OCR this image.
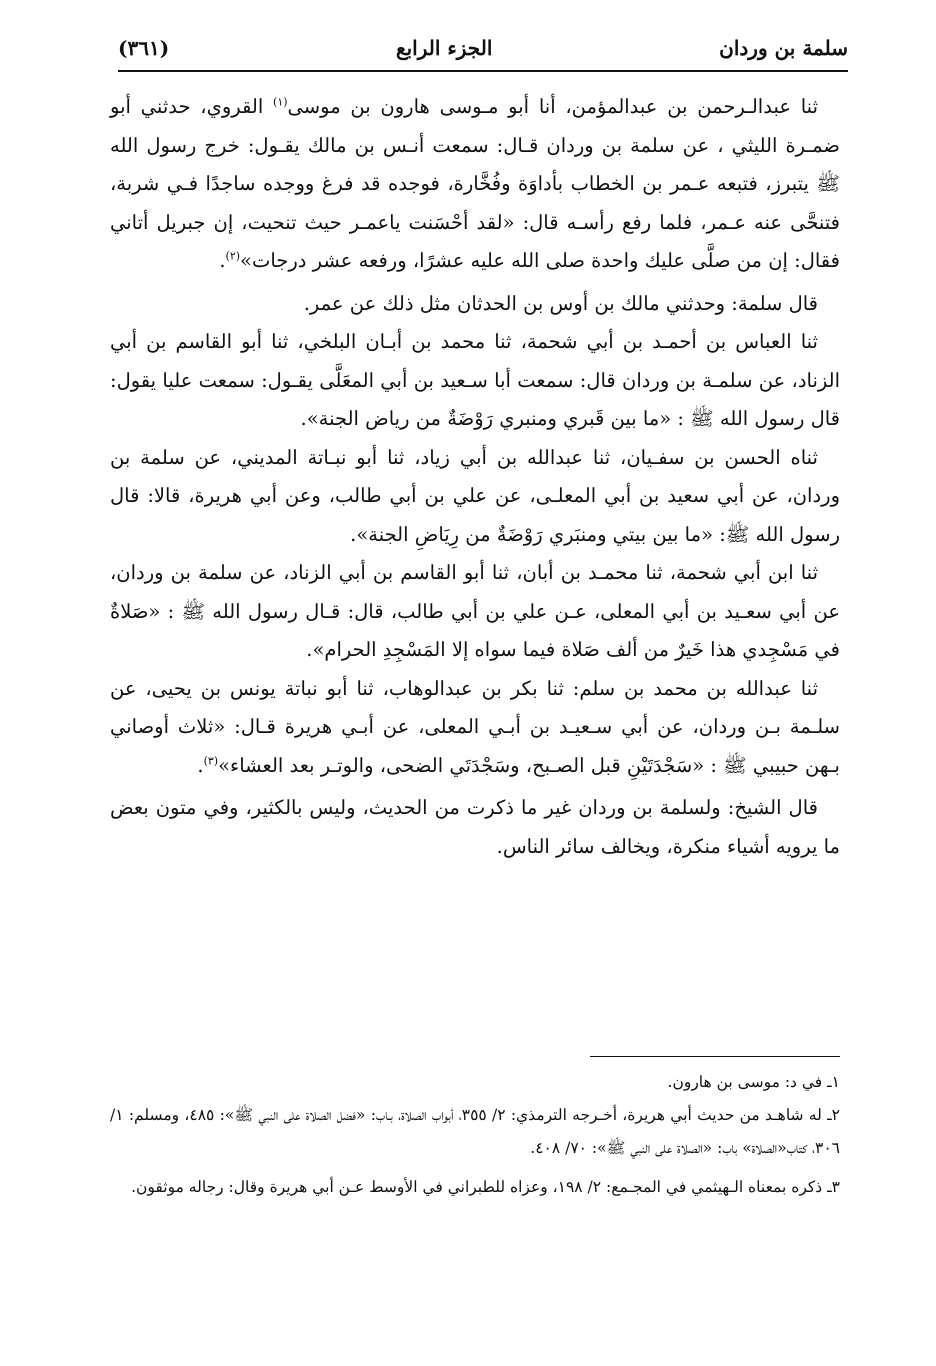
سلمة بن وردان
الجزء الرابع
(٣٦١)

ثنا عبدالـرحمن بن عبدالمؤمن، أنا أبو مـوسى هارون بن موسى$^{(١)}$ القروي، حدثني أبو ضمـرة الليثي ، عن سلمة بن وردان قـال: سمعت أنـس بن مالك يقـول: خرج رسول الله ﷺ يتبرز، فتبعه عـمر بن الخطاب بأداوَة وفُخَّارة، فوجده قد فرغ ووجده ساجدًا فـي شربة، فتنحَّى عنه عـمر، فلما رفع رأسـه قال: «لقد أحْسَنت ياعمـر حيث تنحيت، إن جبريل أتاني فقال: إن من صلَّى عليك واحدة صلى الله عليه عشرًا، ورفعه عشر درجات»$^{(٢)}$.

قال سلمة: وحدثني مالك بن أوس بن الحدثان مثل ذلك عن عمر.

ثنا العباس بن أحمـد بن أبي شحمة، ثنا محمد بن أبـان البلخي، ثنا أبو القاسم بن أبي الزناد، عن سلمـة بن وردان قال: سمعت أبا سـعيد بن أبي المعَلَّى يقـول: سمعت عليا يقول: قال رسول الله ﷺ : «ما بين قَبري ومنبري رَوْضَةٌ من رياض الجنة».

ثناه الحسن بن سفـيان، ثنا عبدالله بن أبي زياد، ثنا أبو نبـاتة المديني، عن سلمة بن وردان، عن أبي سعيد بن أبي المعلـى، عن علي بن أبي طالب، وعن أبي هريرة، قالا: قال رسول الله ﷺ: «ما بين بيتي ومنبَري رَوْضَةٌ من رِيَاضِ الجنة».

ثنا ابن أبي شحمة، ثنا محمـد بن أبان، ثنا أبو القاسم بن أبي الزناد، عن سلمة بن وردان، عن أبي سعـيد بن أبي المعلى، عـن علي بن أبي طالب، قال: قـال رسول الله ﷺ : «صَلاةٌ في مَسْجِدي هذا خَيرٌ من ألف صَلاة فيما سواه إلا المَسْجِدِ الحرام».

ثنا عبدالله بن محمد بن سلم: ثنا بكر بن عبدالوهاب، ثنا أبو نباتة يونس بن يحيى، عن سلـمة بـن وردان، عن أبي سـعيـد بن أبـي المعلى، عن أبـي هريرة قـال: «ثلاث أوصاني بـهن حبيبي ﷺ : «سَجْدَتَيْنِ قبل الصـبح، وسَجْدَتَي الضحى، والوتـر بعد العشاء»$^{(٣)}$.

قال الشيخ: ولسلمة بن وردان غير ما ذكرت من الحديث، وليس بالكثير، وفي متون بعض ما يرويه أشياء منكرة، ويخالف سائر الناس.

١ـ في د: موسى بن هارون.

٢ـ له شاهـد من حديث أبي هريرة، أخـرجه الترمذي: ٢/ ٣٥٥، أبواب الصلاة، بـاب: «فضل الصلاة على النبي ﷺ»: ٤٨٥، ومسلم: ١/ ٣٠٦، كتاب«الصلاة» باب: «الصلاة على النبي ﷺ»: ٧٠/ ٤٠٨.

٣ـ ذكره بمعناه الـهيثمي في المجـمع: ٢/ ١٩٨، وعزاه للطبراني في الأوسط عـن أبي هريرة وقال: رجاله موثقون.
